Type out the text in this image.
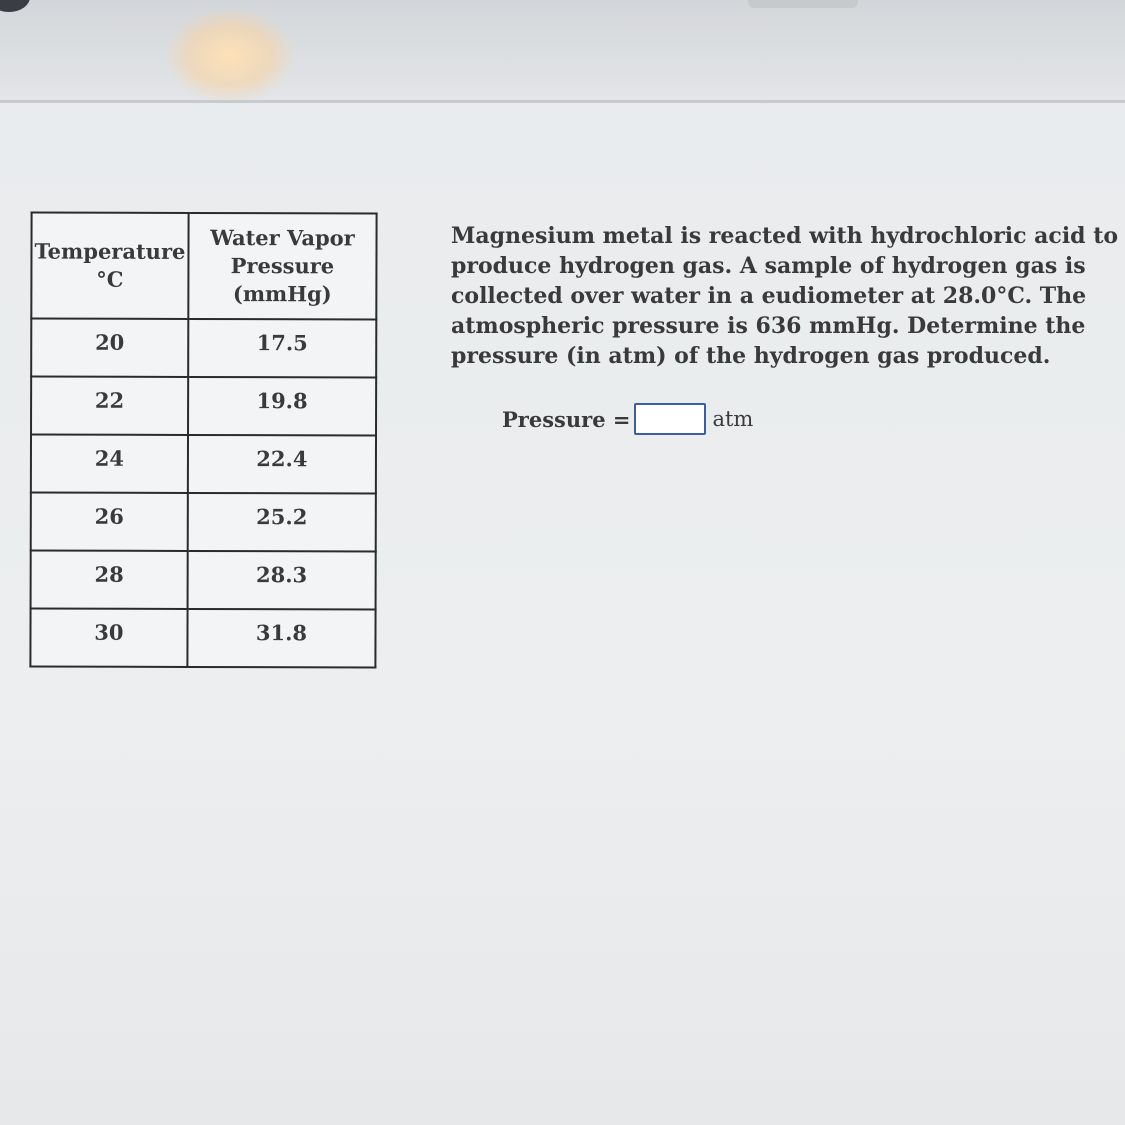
Temperature °C	Water Vapor Pressure (mmHg)
20	17.5
22	19.8
24	22.4
26	25.2
28	28.3
30	31.8

Magnesium metal is reacted with hydrochloric acid to produce hydrogen gas. A sample of hydrogen gas is collected over water in a eudiometer at 28.0°C. The atmospheric pressure is 636 mmHg. Determine the pressure (in atm) of the hydrogen gas produced.

Pressure =	atm
